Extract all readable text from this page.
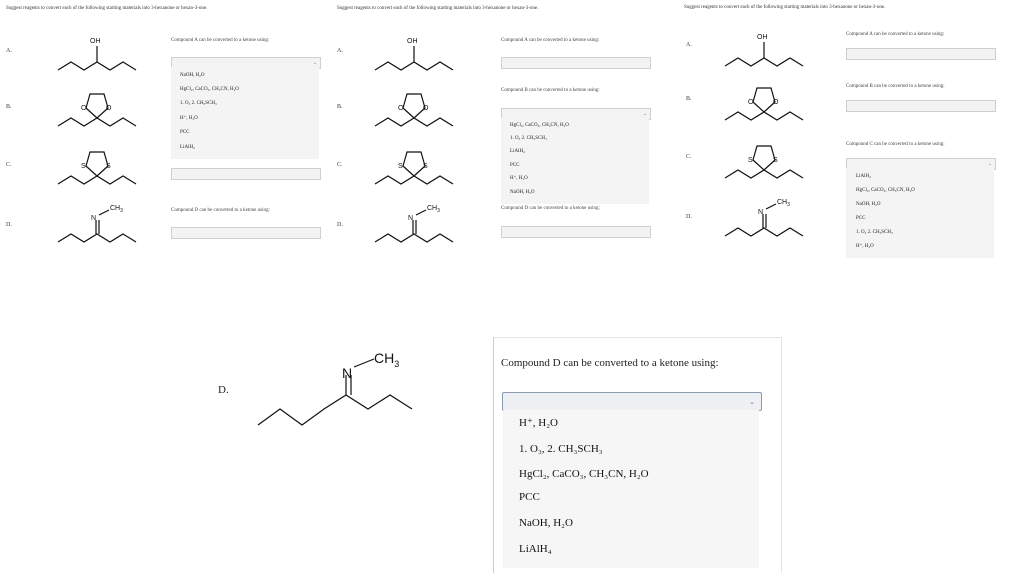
Suggest reagents to convert each of the following starting materials into 3-hexanone or hexan-3-one.
A.
B.
C.
D.
OH
O	O
S	S
N
$CH_3$
Compound A can be converted to a ketone using:
⌄
NaOH, H₂O
HgCl₂, CaCO₃, CH₃CN, H₂O
1. O₃ 2. CH₃SCH₃
H⁺, H₂O
PCC
LiAlH₄
Compound D can be converted to a ketone using:
Suggest reagents to convert each of the following starting materials into 3-hexanone or hexan-3-one.
A.
B.
C.
D.
OH
O	O
S	S
N
$CH_3$
Compound A can be converted to a ketone using:
Compound B can be converted to a ketone using:
⌄
HgCl₂, CaCO₃, CH₃CN, H₂O
1. O₃ 2. CH₃SCH₃
LiAlH₄
PCC
H⁺, H₂O
NaOH, H₂O
Compound D can be converted to a ketone using:
Suggest reagents to convert each of the following starting materials into 3-hexanone or hexan-3-one.
A.
B.
C.
D.
OH
O	O
S	S
N
$CH_3$
Compound A can be converted to a ketone using:
Compound B can be converted to a ketone using:
Compound C can be converted to a ketone using:
⌄
LiAlH₄
HgCl₂, CaCO₃, CH₃CN, H₂O
NaOH, H₂O
PCC
1. O₃ 2. CH₃SCH₃
H⁺, H₂O
D.
N
$CH_3$	Compound D can be converted to a ketone using:
⌄
H⁺, H₂O
1. O₃, 2. CH₃SCH₃
HgCl₂, CaCO₃, CH₃CN, H₂O
PCC
NaOH, H₂O
LiAlH₄
